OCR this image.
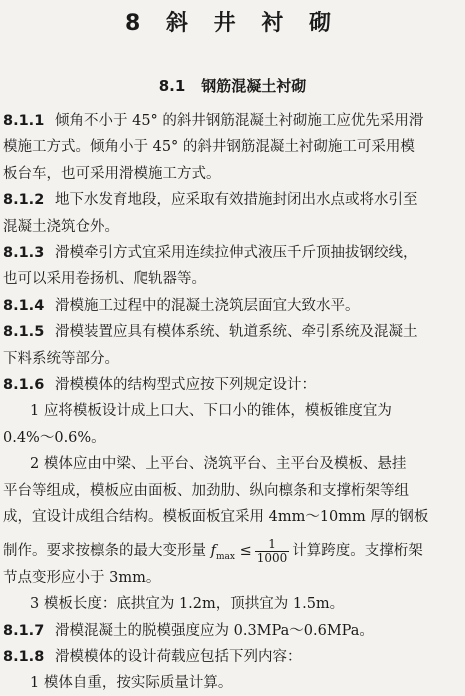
8 斜 井 衬 砌
8.1 钢筋混凝土衬砌
8.1.1 倾角不小于 45° 的斜井钢筋混凝土衬砌施工应优先采用滑
模施工方式。倾角小于 45° 的斜井钢筋混凝土衬砌施工可采用模
板台车，也可采用滑模施工方式。
8.1.2 地下水发育地段，应采取有效措施封闭出水点或将水引至
混凝土浇筑仓外。
8.1.3 滑模牵引方式宜采用连续拉伸式液压千斤顶抽拔钢绞线，
也可以采用卷扬机、爬轨器等。
8.1.4 滑模施工过程中的混凝土浇筑层面宜大致水平。
8.1.5 滑模装置应具有模体系统、轨道系统、牵引系统及混凝土
下料系统等部分。
8.1.6 滑模模体的结构型式应按下列规定设计：
1 应将模板设计成上口大、下口小的锥体，模板锥度宜为
0.4%～0.6%。
2 模体应由中梁、上平台、浇筑平台、主平台及模板、悬挂
平台等组成，模板应由面板、加劲肋、纵向檩条和支撑桁架等组
成，宜设计成组合结构。模板面板宜采用 4mm～10mm 厚的钢板
制作。要求按檩条的最大变形量 $f_{max} \le \frac{1}{1000}$ 计算跨度。支撑桁架
节点变形应小于 3mm。
3 模板长度：底拱宜为 1.2m，顶拱宜为 1.5m。
8.1.7 滑模混凝土的脱模强度应为 0.3MPa～0.6MPa。
8.1.8 滑模模体的设计荷载应包括下列内容：
1 模体自重，按实际质量计算。
